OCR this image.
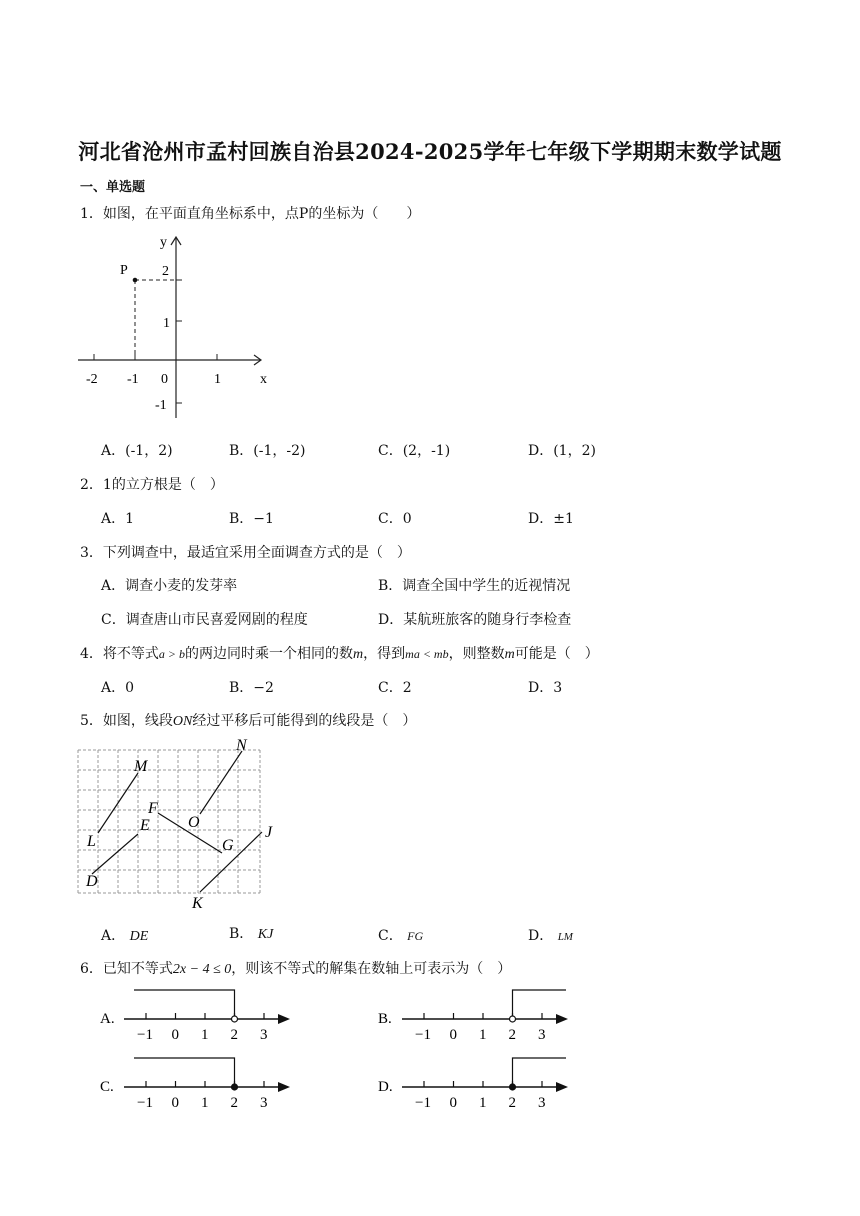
河北省沧州市孟村回族自治县2024-2025学年七年级下学期期末数学试题
一、单选题
1．如图，在平面直角坐标系中，点P的坐标为（　　）
P
x
y
-2 -1 0	1
2
1
-1
A．(-1，2)	B．(-1，-2)	C．(2，-1)	D．(1，2)
2．1的立方根是（　）
A．1	B．−1	C．0	D．±1
3．下列调查中，最适宜采用全面调查方式的是（　）
A．调查小麦的发芽率	B．调查全国中学生的近视情况
C．调查唐山市民喜爱网剧的程度	D．某航班旅客的随身行李检查
4．将不等式a > b的两边同时乘一个相同的数m，得到ma < mb，则整数m可能是（　）
A．0	B．−2	C．2	D．3
5．如图，线段ON经过平移后可能得到的线段是（　）
M
N
F
O
E
L	G
J
D
K
A． DE	B． KJ	C． FG	D． LM
6．已知不等式2x − 4 ≤ 0，则该不等式的解集在数轴上可表示为（　）
A.
−1 0 1 2 3
B.
−1 0 1 2 3
C.
−1 0 1 2 3
D.
−1 0 1 2 3
